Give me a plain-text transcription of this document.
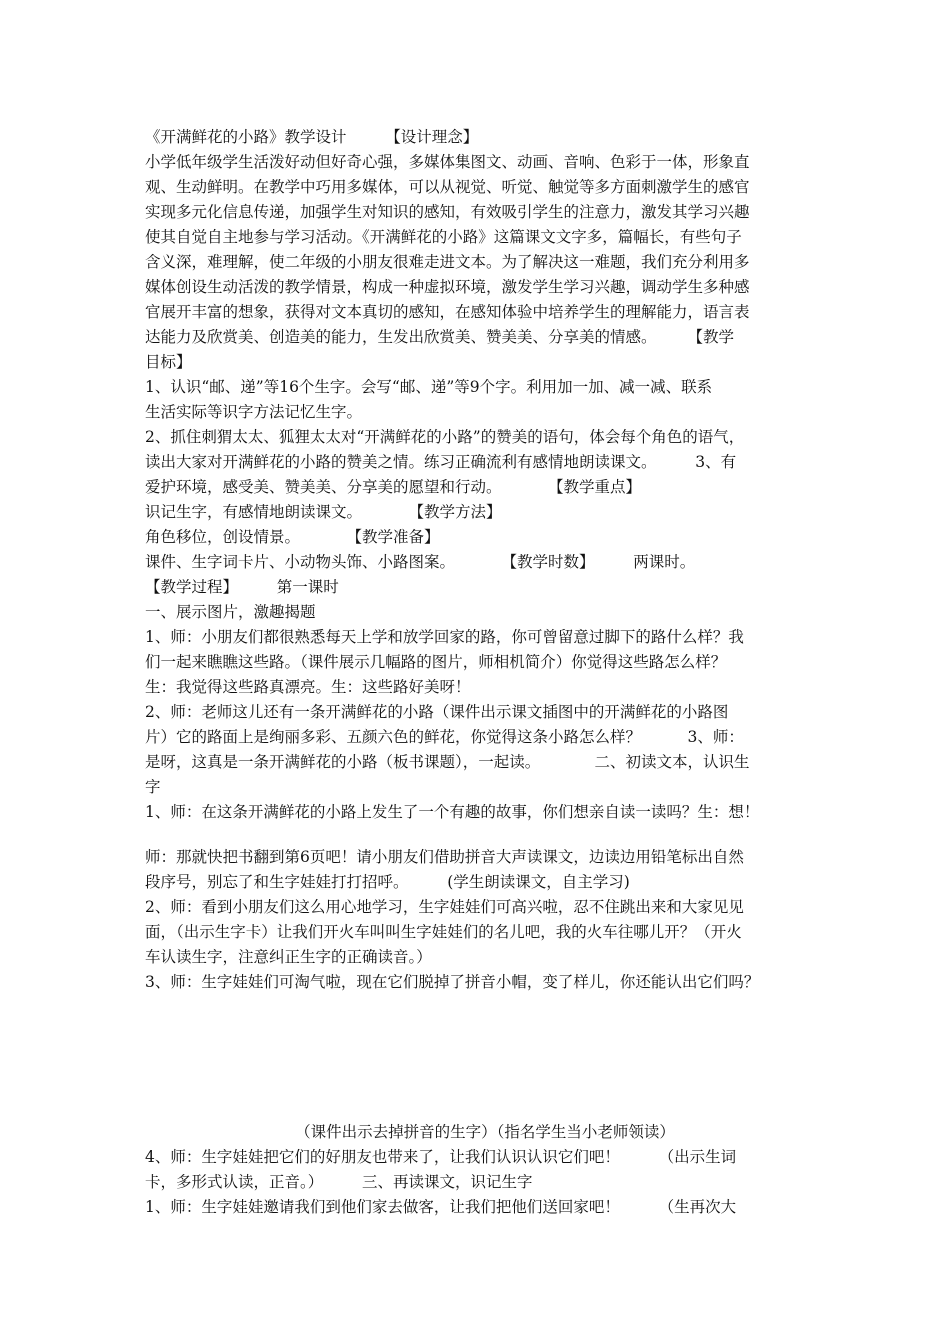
《开满鲜花的小路》教学设计　　　【设计理念】
小学低年级学生活泼好动但好奇心强，多媒体集图文、动画、音响、色彩于一体，形象直
观、生动鲜明。在教学中巧用多媒体，可以从视觉、听觉、触觉等多方面刺激学生的感官
实现多元化信息传递，加强学生对知识的感知，有效吸引学生的注意力，激发其学习兴趣
使其自觉自主地参与学习活动。《开满鲜花的小路》这篇课文文字多，篇幅长，有些句子
含义深，难理解，使二年级的小朋友很难走进文本。为了解决这一难题，我们充分利用多
媒体创设生动活泼的教学情景，构成一种虚拟环境，激发学生学习兴趣，调动学生多种感
官展开丰富的想象，获得对文本真切的感知，在感知体验中培养学生的理解能力，语言表
达能力及欣赏美、创造美的能力，生发出欣赏美、赞美美、分享美的情感。　　　【教学
目标】
1、认识“邮、递”等16个生字。会写“邮、递”等9个字。利用加一加、减一减、联系
生活实际等识字方法记忆生字。
2、抓住刺猬太太、狐狸太太对“开满鲜花的小路”的赞美的语句，体会每个角色的语气，
读出大家对开满鲜花的小路的赞美之情。练习正确流利有感情地朗读课文。　　　3、有
爱护环境，感受美、赞美美、分享美的愿望和行动。　　　　【教学重点】
识记生字，有感情地朗读课文。　　　　【教学方法】
角色移位，创设情景。　　　　【教学准备】
课件、生字词卡片、小动物头饰、小路图案。　　　　【教学时数】　　　两课时。
【教学过程】　　　第一课时
一、展示图片，激趣揭题
1、师：小朋友们都很熟悉每天上学和放学回家的路，你可曾留意过脚下的路什么样？我
们一起来瞧瞧这些路。（课件展示几幅路的图片，师相机简介）你觉得这些路怎么样？
生：我觉得这些路真漂亮。生：这些路好美呀！
2、师：老师这儿还有一条开满鲜花的小路（课件出示课文插图中的开满鲜花的小路图
片）它的路面上是绚丽多彩、五颜六色的鲜花，你觉得这条小路怎么样？　　　3、师：
是呀，这真是一条开满鲜花的小路（板书课题），一起读。　　　　二、初读文本，认识生
字
1、师：在这条开满鲜花的小路上发生了一个有趣的故事，你们想亲自读一读吗？生：想！
师：那就快把书翻到第6页吧！请小朋友们借助拼音大声读课文，边读边用铅笔标出自然
段序号，别忘了和生字娃娃打打招呼。　　　(学生朗读课文，自主学习)
2、师：看到小朋友们这么用心地学习，生字娃娃们可高兴啦，忍不住跳出来和大家见见
面，（出示生字卡）让我们开火车叫叫生字娃娃们的名儿吧，我的火车往哪儿开？（开火
车认读生字，注意纠正生字的正确读音。）
3、师：生字娃娃们可淘气啦，现在它们脱掉了拼音小帽，变了样儿，你还能认出它们吗？
（课件出示去掉拼音的生字）（指名学生当小老师领读）
4、师：生字娃娃把它们的好朋友也带来了，让我们认识认识它们吧！　　　（出示生词
卡，多形式认读，正音。）　　　三、再读课文，识记生字
1、师：生字娃娃邀请我们到他们家去做客，让我们把他们送回家吧！　　　（生再次大
